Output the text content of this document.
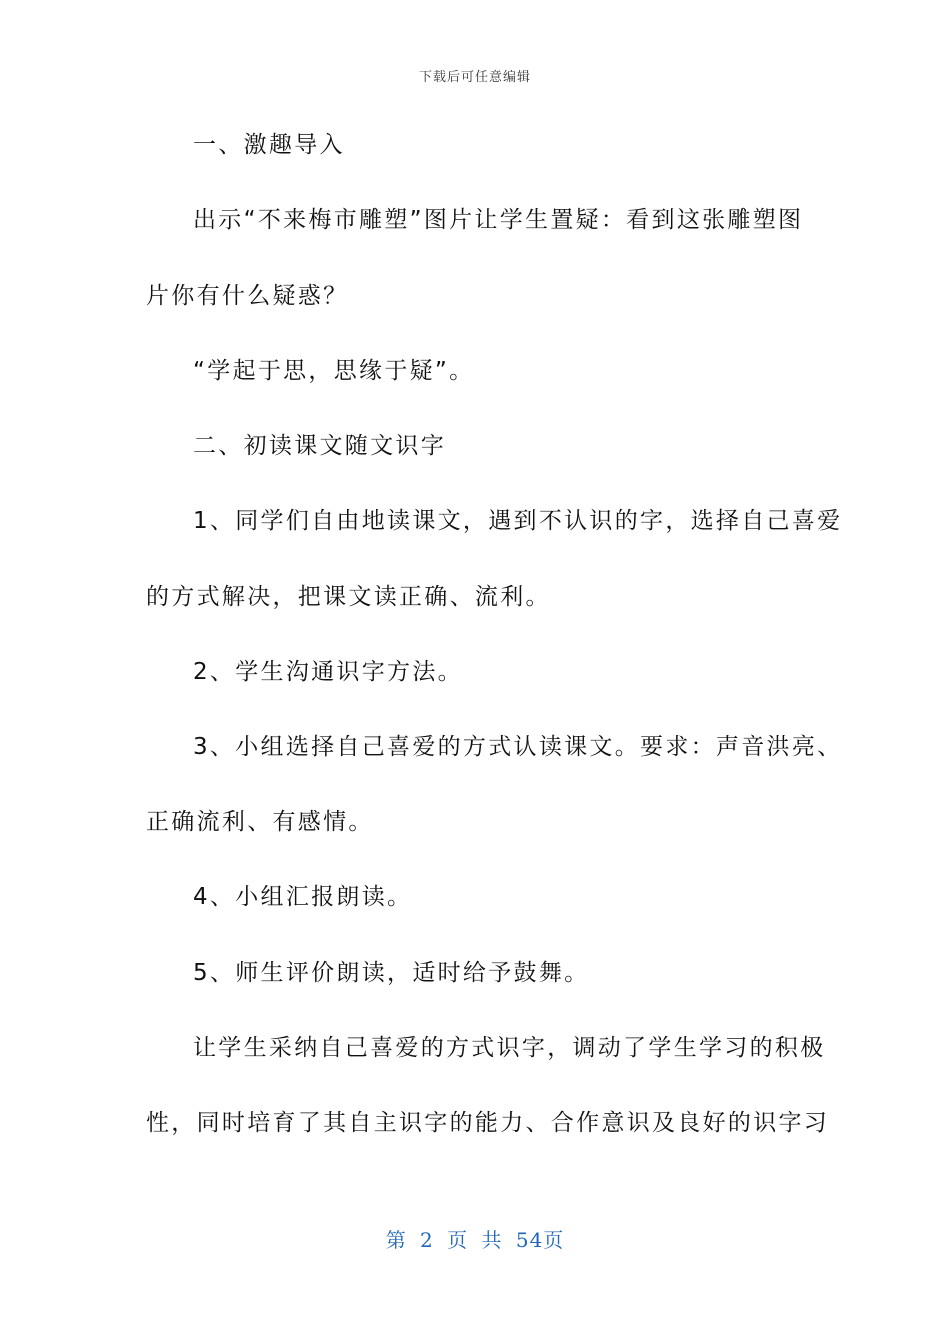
下载后可任意编辑
一、激趣导入
出示“不来梅市雕塑”图片让学生置疑：看到这张雕塑图
片你有什么疑惑？
“学起于思，思缘于疑”。
二、初读课文随文识字
1、同学们自由地读课文，遇到不认识的字，选择自己喜爱
的方式解决，把课文读正确、流利。
2、学生沟通识字方法。
3、小组选择自己喜爱的方式认读课文。要求：声音洪亮、
正确流利、有感情。
4、小组汇报朗读。
5、师生评价朗读，适时给予鼓舞。
让学生采纳自己喜爱的方式识字，调动了学生学习的积极
性，同时培育了其自主识字的能力、合作意识及良好的识字习
第 2 页 共 54页
